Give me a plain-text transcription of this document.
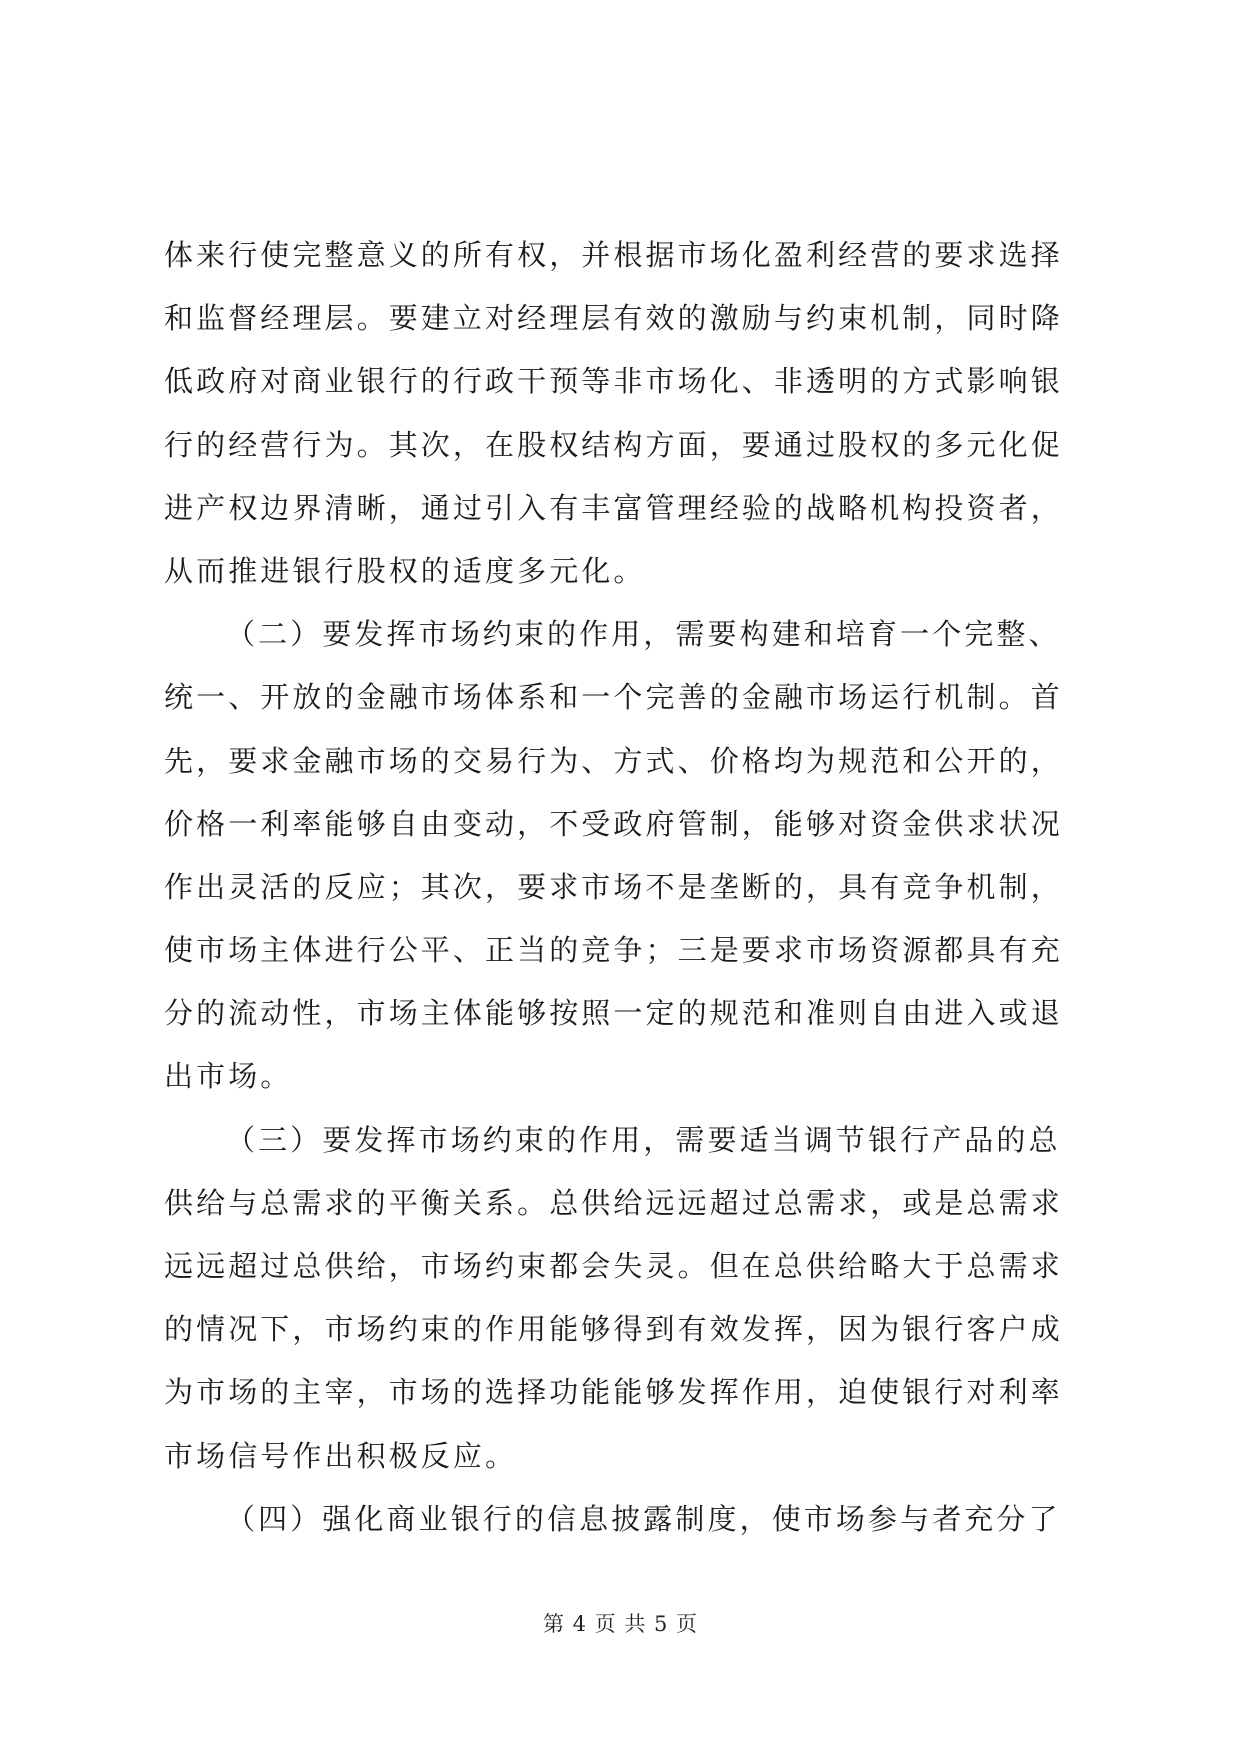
体来行使完整意义的所有权，并根据市场化盈利经营的要求选择
和监督经理层。要建立对经理层有效的激励与约束机制，同时降
低政府对商业银行的行政干预等非市场化、非透明的方式影响银
行的经营行为。其次，在股权结构方面，要通过股权的多元化促
进产权边界清晰，通过引入有丰富管理经验的战略机构投资者，
从而推进银行股权的适度多元化。
（二）要发挥市场约束的作用，需要构建和培育一个完整、
统一、开放的金融市场体系和一个完善的金融市场运行机制。首
先，要求金融市场的交易行为、方式、价格均为规范和公开的，
价格一利率能够自由变动，不受政府管制，能够对资金供求状况
作出灵活的反应；其次，要求市场不是垄断的，具有竞争机制，
使市场主体进行公平、正当的竞争；三是要求市场资源都具有充
分的流动性，市场主体能够按照一定的规范和准则自由进入或退
出市场。
（三）要发挥市场约束的作用，需要适当调节银行产品的总
供给与总需求的平衡关系。总供给远远超过总需求，或是总需求
远远超过总供给，市场约束都会失灵。但在总供给略大于总需求
的情况下，市场约束的作用能够得到有效发挥，因为银行客户成
为市场的主宰，市场的选择功能能够发挥作用，迫使银行对利率
市场信号作出积极反应。
（四）强化商业银行的信息披露制度，使市场参与者充分了
第 4 页 共 5 页
